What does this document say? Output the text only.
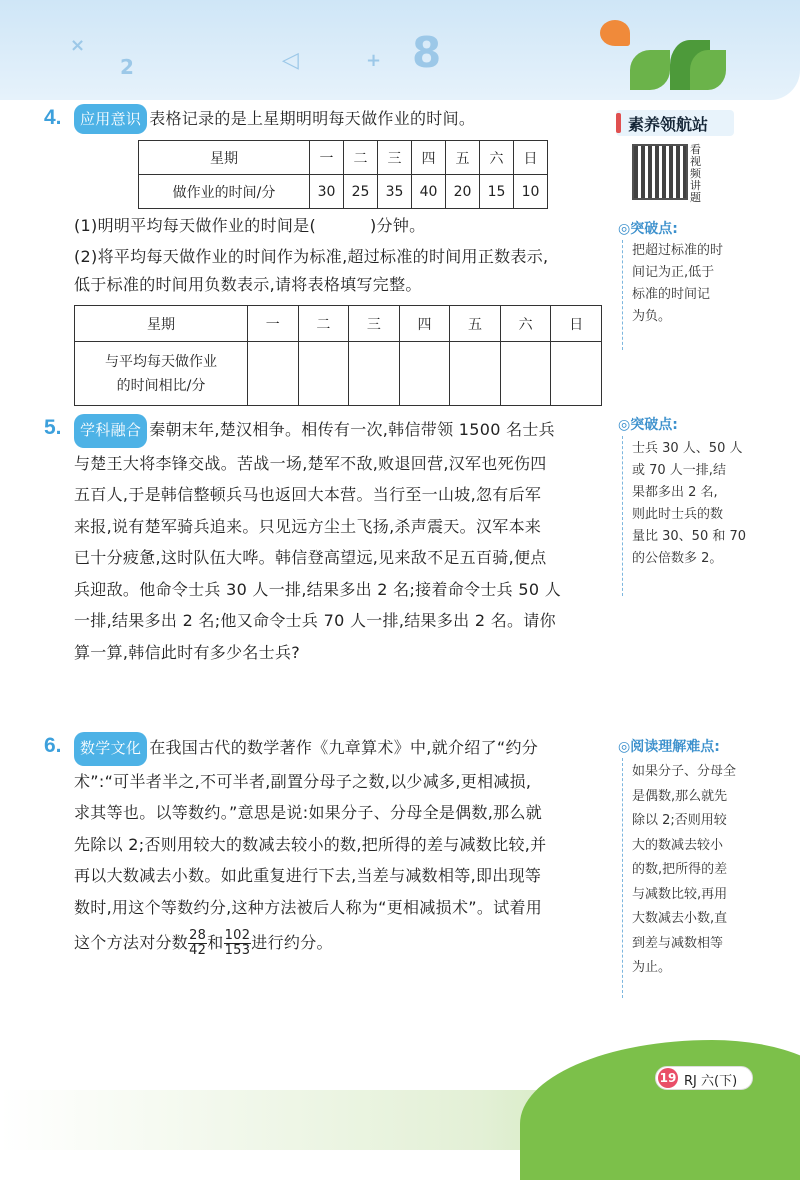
×
2	◁	+ 8
素养领航站
看视频讲题
◎突破点:
把超过标准的时
间记为正,低于
标准的时间记
为负。
◎突破点:
士兵 30 人、50 人
或 70 人一排,结
果都多出 2 名,
则此时士兵的数
量比 30、50 和 70
的公倍数多 2。
◎阅读理解难点:
如果分子、分母全
是偶数,那么就先
除以 2;否则用较
大的数减去较小
的数,把所得的差
与减数比较,再用
大数减去小数,直
到差与减数相等
为止。
4.	应用意识 表格记录的是上星期明明每天做作业的时间。
星期	一	二	三	四	五	六	日
做作业的时间/分	30	25	35	40	20	15	10
(1)明明平均每天做作业的时间是(	)分钟。
(2)将平均每天做作业的时间作为标准,超过标准的时间用正数表示,
低于标准的时间用负数表示,请将表格填写完整。
星期	一	二	三	四	五	六	日

与平均每天做作业
的时间相比/分							

5.	学科融合 秦朝末年,楚汉相争。相传有一次,韩信带领 1500 名士兵
与楚王大将李锋交战。苦战一场,楚军不敌,败退回营,汉军也死伤四
五百人,于是韩信整顿兵马也返回大本营。当行至一山坡,忽有后军
来报,说有楚军骑兵追来。只见远方尘土飞扬,杀声震天。汉军本来
已十分疲惫,这时队伍大哗。韩信登高望远,见来敌不足五百骑,便点
兵迎敌。他命令士兵 30 人一排,结果多出 2 名;接着命令士兵 50 人
一排,结果多出 2 名;他又命令士兵 70 人一排,结果多出 2 名。请你
算一算,韩信此时有多少名士兵?
6.	数学文化 在我国古代的数学著作《九章算术》中,就介绍了“约分
术”:“可半者半之,不可半者,副置分母子之数,以少减多,更相减损,
求其等也。以等数约。”意思是说:如果分子、分母全是偶数,那么就
先除以 2;否则用较大的数减去较小的数,把所得的差与减数比较,并
再以大数减去小数。如此重复进行下去,当差与减数相等,即出现等
数时,用这个等数约分,这种方法被后人称为“更相减损术”。试着用
这个方法对分数 $\frac{28}{42}$ 和 $\frac{102}{153}$ 进行约分。
19 RJ 六(下)
